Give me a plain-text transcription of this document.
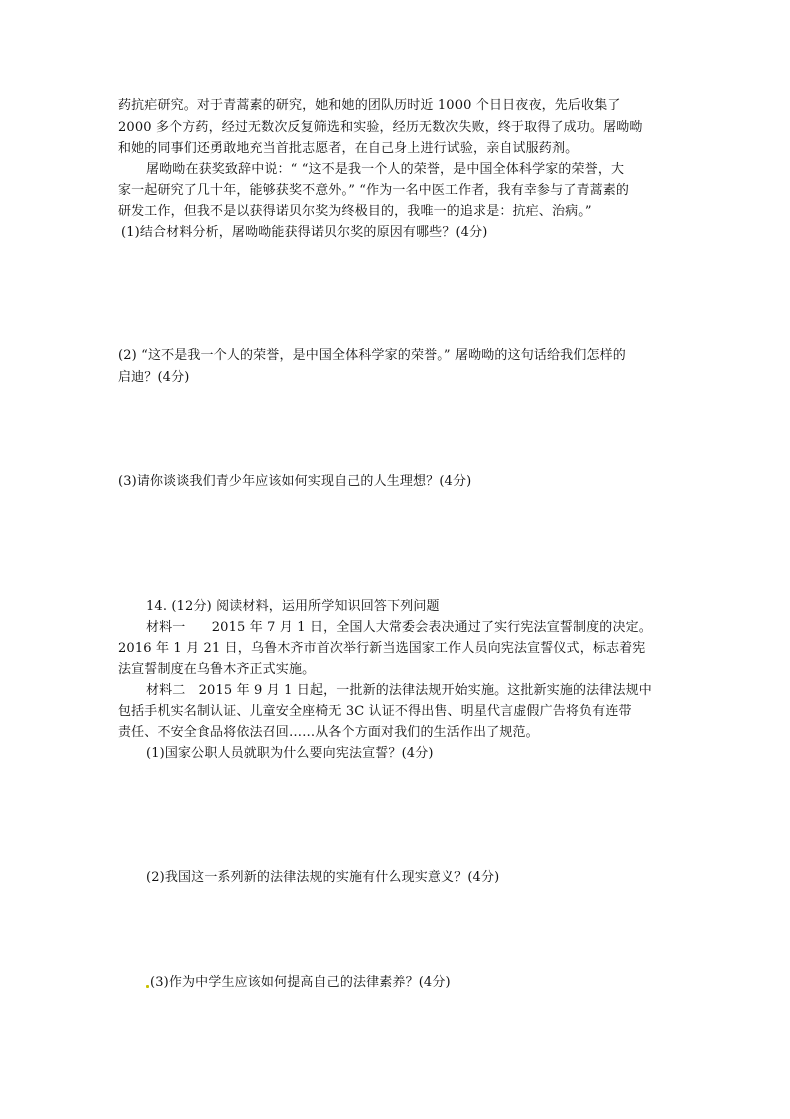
药抗疟研究。对于青蒿素的研究，她和她的团队历时近 1000 个日日夜夜，先后收集了
2000 多个方药，经过无数次反复筛选和实验，经历无数次失败，终于取得了成功。屠呦呦
和她的同事们还勇敢地充当首批志愿者，在自己身上进行试验，亲自试服药剂。
屠呦呦在获奖致辞中说：“ “这不是我一个人的荣誉，是中国全体科学家的荣誉，大
家一起研究了几十年，能够获奖不意外。” “作为一名中医工作者，我有幸参与了青蒿素的
研发工作，但我不是以获得诺贝尔奖为终极目的，我唯一的追求是：抗疟、治病。”
(1)结合材料分析，屠呦呦能获得诺贝尔奖的原因有哪些？(4分)
(2) “这不是我一个人的荣誉，是中国全体科学家的荣誉。” 屠呦呦的这句话给我们怎样的
启迪？(4分)
(3)请你谈谈我们青少年应该如何实现自己的人生理想？(4分)
14. (12分) 阅读材料，运用所学知识回答下列问题
材料一　　2015 年 7 月 1 日，全国人大常委会表决通过了实行宪法宣誓制度的决定。
2016 年 1 月 21 日，乌鲁木齐市首次举行新当选国家工作人员向宪法宣誓仪式，标志着宪
法宣誓制度在乌鲁木齐正式实施。
材料二　2015 年 9 月 1 日起，一批新的法律法规开始实施。这批新实施的法律法规中
包括手机实名制认证、儿童安全座椅无 3C 认证不得出售、明星代言虚假广告将负有连带
责任、不安全食品将依法召回……从各个方面对我们的生活作出了规范。
(1)国家公职人员就职为什么要向宪法宣誓？(4分)
(2)我国这一系列新的法律法规的实施有什么现实意义？(4分)
(3)作为中学生应该如何提高自己的法律素养？(4分)
